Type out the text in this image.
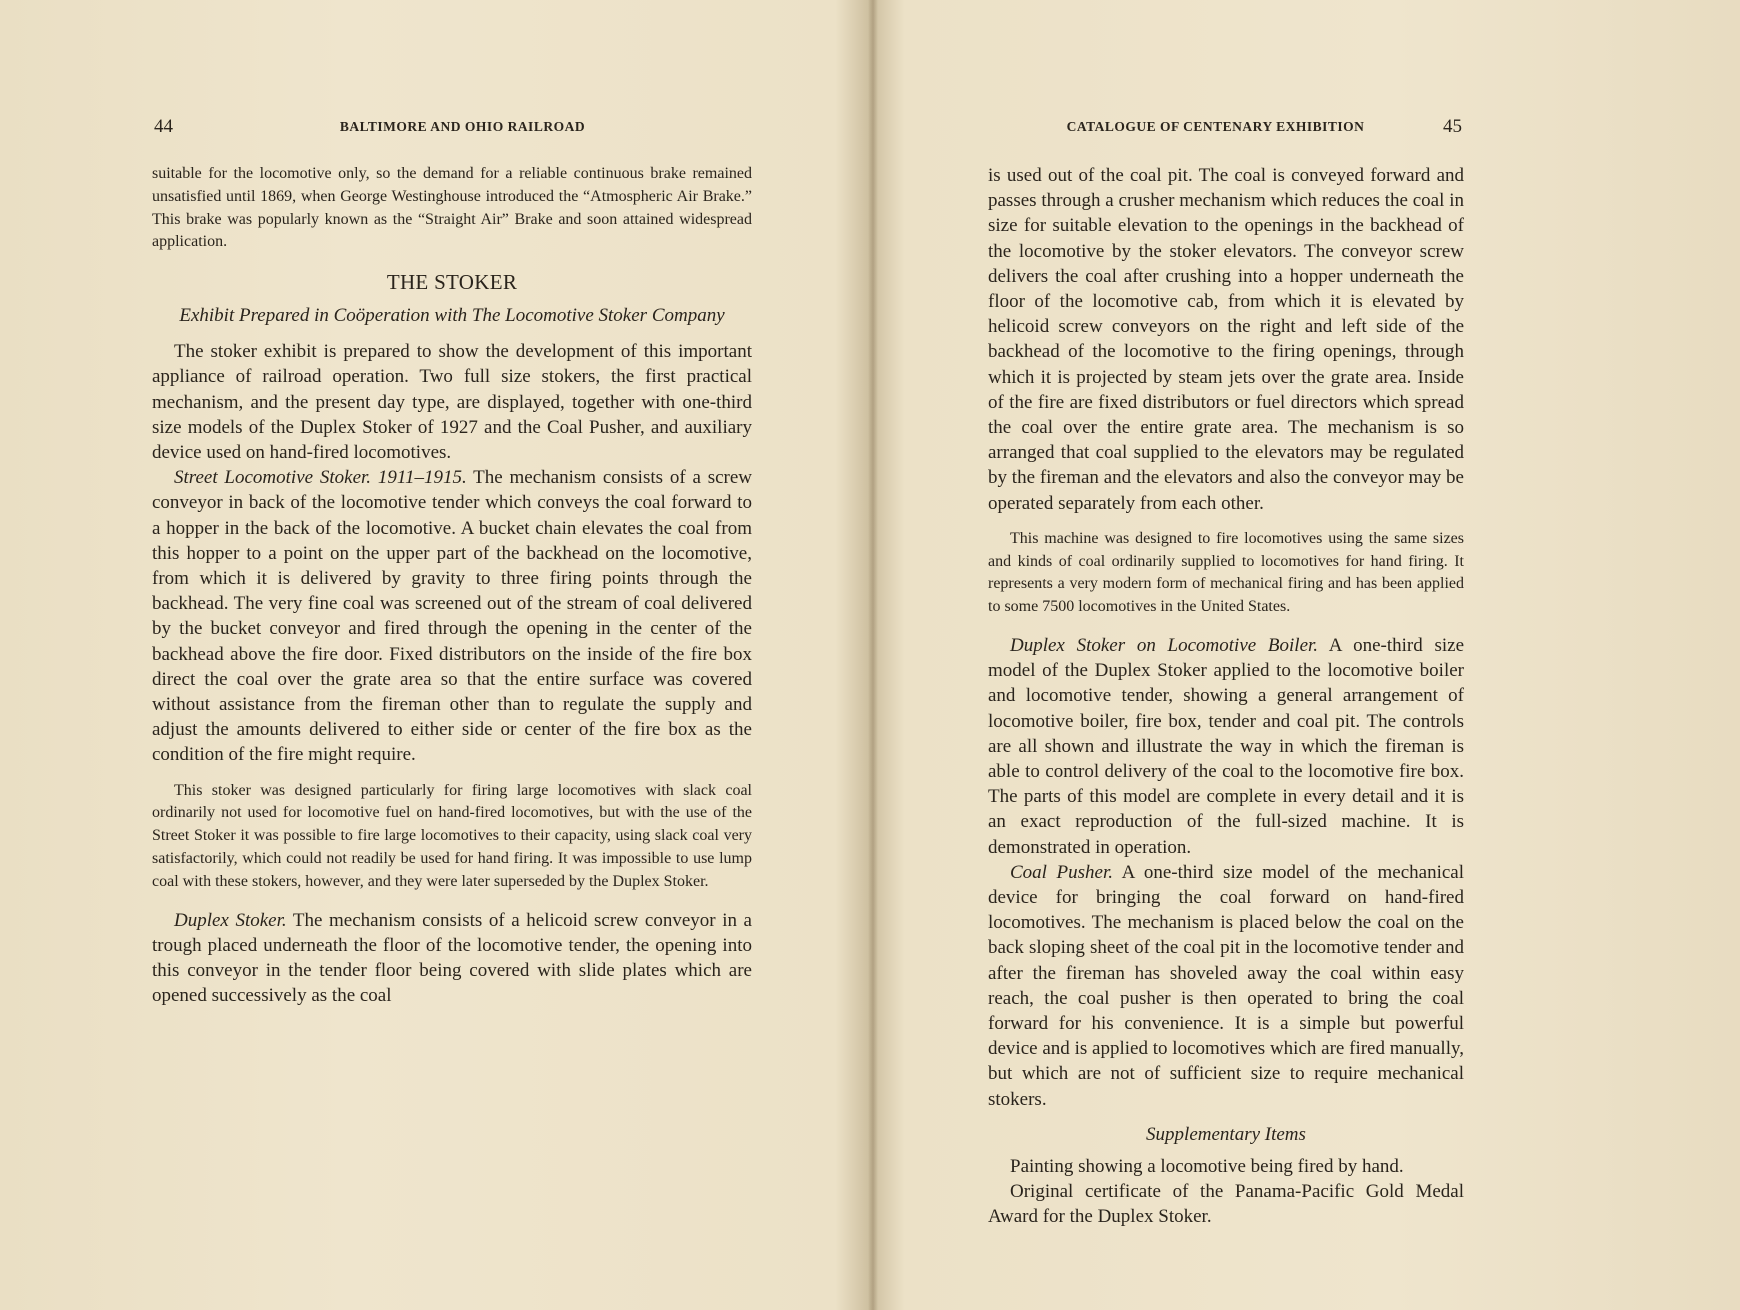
44	BALTIMORE AND OHIO RAILROAD

suitable for the locomotive only, so the demand for a reliable continuous brake remained unsatisfied until 1869, when George Westinghouse introduced the “Atmospheric Air Brake.” This brake was popularly known as the “Straight Air” Brake and soon attained widespread application.

THE STOKER
Exhibit Prepared in Coöperation with The Locomotive Stoker Company

The stoker exhibit is prepared to show the development of this important appliance of railroad operation. Two full size stokers, the first practical mechanism, and the present day type, are displayed, together with one-third size models of the Duplex Stoker of 1927 and the Coal Pusher, and auxiliary device used on hand-fired locomotives.

Street Locomotive Stoker. 1911–1915. The mechanism consists of a screw conveyor in back of the locomotive tender which conveys the coal forward to a hopper in the back of the locomotive. A bucket chain elevates the coal from this hopper to a point on the upper part of the backhead on the locomotive, from which it is delivered by gravity to three firing points through the backhead. The very fine coal was screened out of the stream of coal delivered by the bucket conveyor and fired through the opening in the center of the backhead above the fire door. Fixed distributors on the inside of the fire box direct the coal over the grate area so that the entire surface was covered without assistance from the fireman other than to regulate the supply and adjust the amounts delivered to either side or center of the fire box as the condition of the fire might require.

This stoker was designed particularly for firing large locomotives with slack coal ordinarily not used for locomotive fuel on hand-fired locomotives, but with the use of the Street Stoker it was possible to fire large locomotives to their capacity, using slack coal very satisfactorily, which could not readily be used for hand firing. It was impossible to use lump coal with these stokers, however, and they were later superseded by the Duplex Stoker.

Duplex Stoker. The mechanism consists of a helicoid screw conveyor in a trough placed underneath the floor of the locomotive tender, the opening into this conveyor in the tender floor being covered with slide plates which are opened successively as the coal

CATALOGUE OF CENTENARY EXHIBITION	45

is used out of the coal pit. The coal is conveyed forward and passes through a crusher mechanism which reduces the coal in size for suitable elevation to the openings in the backhead of the locomotive by the stoker elevators. The conveyor screw delivers the coal after crushing into a hopper underneath the floor of the locomotive cab, from which it is elevated by helicoid screw conveyors on the right and left side of the backhead of the locomotive to the firing openings, through which it is projected by steam jets over the grate area. Inside of the fire are fixed distributors or fuel directors which spread the coal over the entire grate area. The mechanism is so arranged that coal supplied to the elevators may be regulated by the fireman and the elevators and also the conveyor may be operated separately from each other.

This machine was designed to fire locomotives using the same sizes and kinds of coal ordinarily supplied to locomotives for hand firing. It represents a very modern form of mechanical firing and has been applied to some 7500 locomotives in the United States.

Duplex Stoker on Locomotive Boiler. A one-third size model of the Duplex Stoker applied to the locomotive boiler and locomotive tender, showing a general arrangement of locomotive boiler, fire box, tender and coal pit. The controls are all shown and illustrate the way in which the fireman is able to control delivery of the coal to the locomotive fire box. The parts of this model are complete in every detail and it is an exact reproduction of the full-sized machine. It is demonstrated in operation.

Coal Pusher. A one-third size model of the mechanical device for bringing the coal forward on hand-fired locomotives. The mechanism is placed below the coal on the back sloping sheet of the coal pit in the locomotive tender and after the fireman has shoveled away the coal within easy reach, the coal pusher is then operated to bring the coal forward for his convenience. It is a simple but powerful device and is applied to locomotives which are fired manually, but which are not of sufficient size to require mechanical stokers.

Supplementary Items

Painting showing a locomotive being fired by hand.

Original certificate of the Panama-Pacific Gold Medal Award for the Duplex Stoker.
